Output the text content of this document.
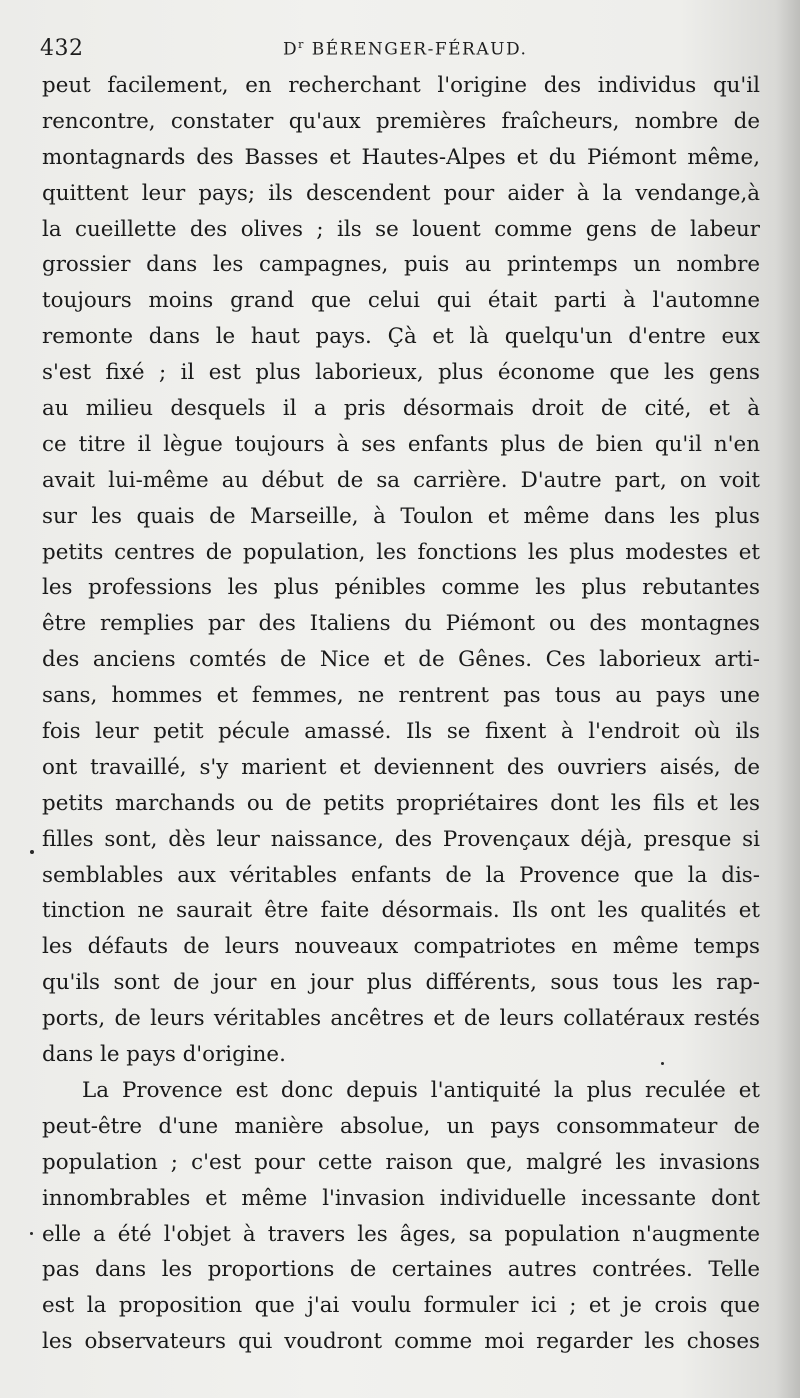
432	$D^r$ BÉRENGER-FÉRAUD.
peut facilement, en recherchant l'origine des individus qu'il
rencontre, constater qu'aux premières fraîcheurs, nombre de
montagnards des Basses et Hautes-Alpes et du Piémont même,
quittent leur pays; ils descendent pour aider à la vendange,à
la cueillette des olives ; ils se louent comme gens de labeur
grossier dans les campagnes, puis au printemps un nombre
toujours moins grand que celui qui était parti à l'automne
remonte dans le haut pays. Çà et là quelqu'un d'entre eux
s'est fixé ; il est plus laborieux, plus économe que les gens
au milieu desquels il a pris désormais droit de cité, et à
ce titre il lègue toujours à ses enfants plus de bien qu'il n'en
avait lui-même au début de sa carrière. D'autre part, on voit
sur les quais de Marseille, à Toulon et même dans les plus
petits centres de population, les fonctions les plus modestes et
les professions les plus pénibles comme les plus rebutantes
être remplies par des Italiens du Piémont ou des montagnes
des anciens comtés de Nice et de Gênes. Ces laborieux arti-
sans, hommes et femmes, ne rentrent pas tous au pays une
fois leur petit pécule amassé. Ils se fixent à l'endroit où ils
ont travaillé, s'y marient et deviennent des ouvriers aisés, de
petits marchands ou de petits propriétaires dont les fils et les
filles sont, dès leur naissance, des Provençaux déjà, presque si
semblables aux véritables enfants de la Provence que la dis-
tinction ne saurait être faite désormais. Ils ont les qualités et
les défauts de leurs nouveaux compatriotes en même temps
qu'ils sont de jour en jour plus différents, sous tous les rap-
ports, de leurs véritables ancêtres et de leurs collatéraux restés
dans le pays d'origine.
La Provence est donc depuis l'antiquité la plus reculée et
peut-être d'une manière absolue, un pays consommateur de
population ; c'est pour cette raison que, malgré les invasions
innombrables et même l'invasion individuelle incessante dont
elle a été l'objet à travers les âges, sa population n'augmente
pas dans les proportions de certaines autres contrées. Telle
est la proposition que j'ai voulu formuler ici ; et je crois que
les observateurs qui voudront comme moi regarder les choses
